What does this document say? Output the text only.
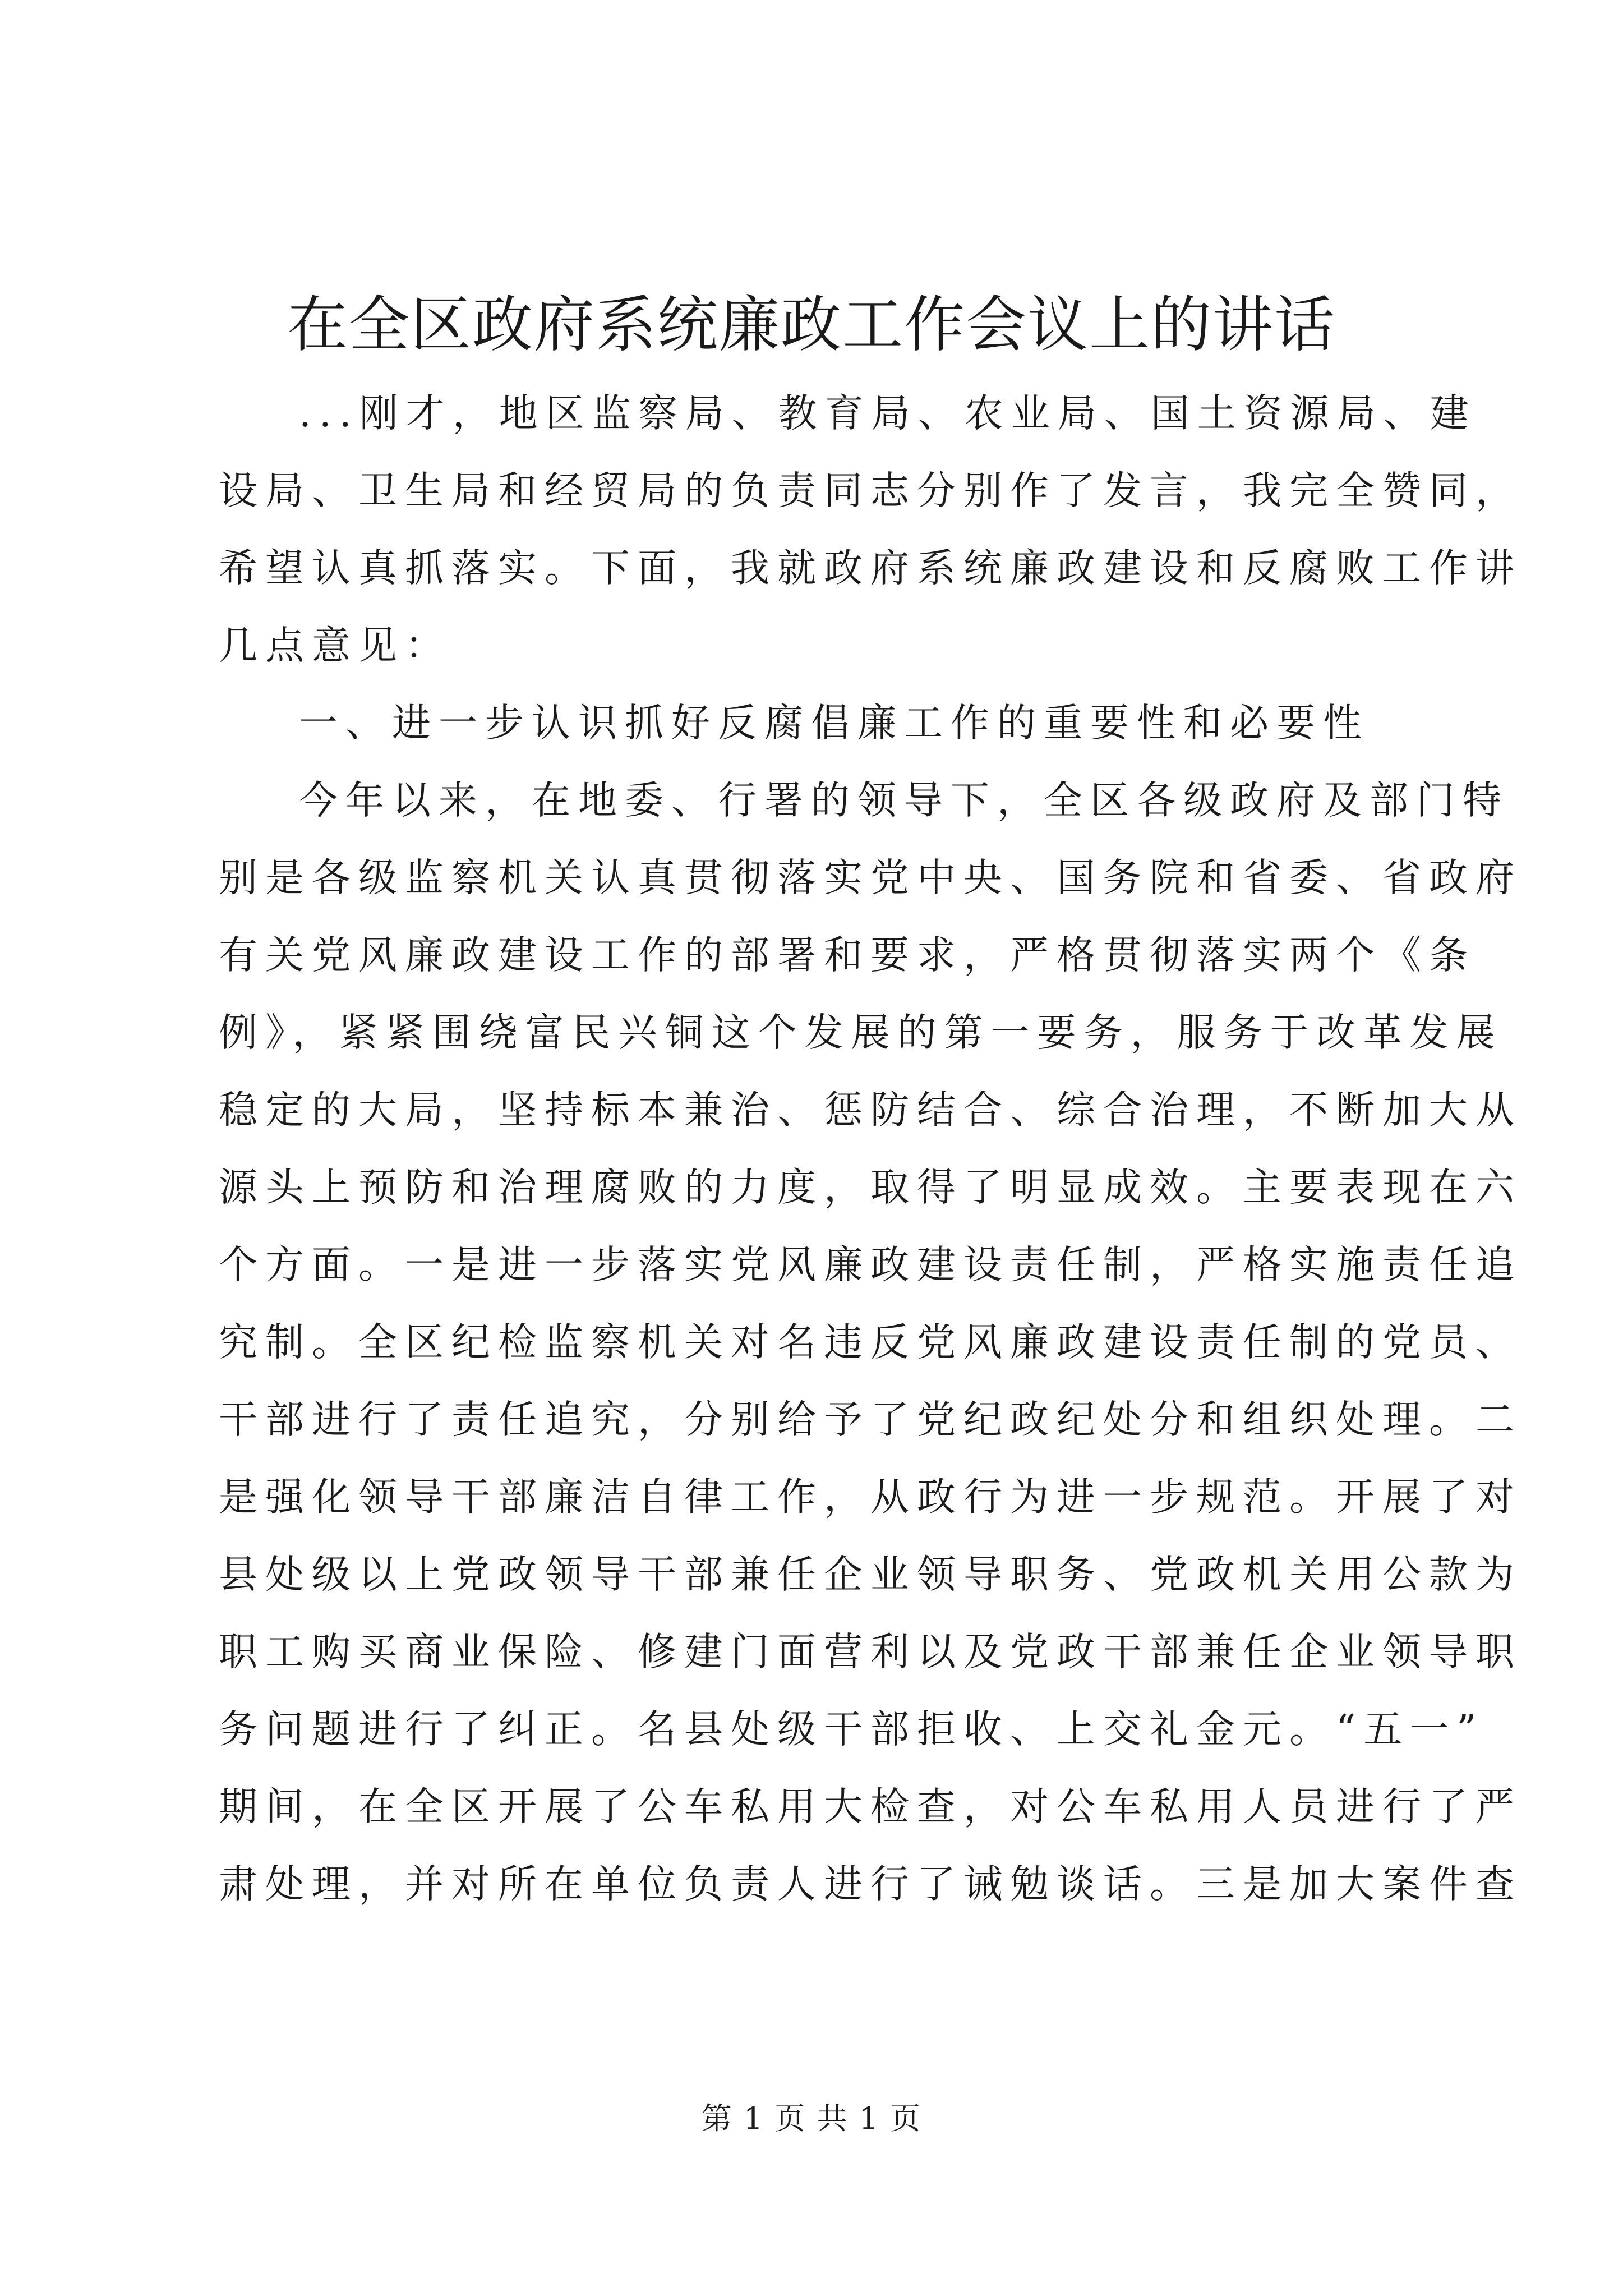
在全区政府系统廉政工作会议上的讲话
...刚才，地区监察局、教育局、农业局、国土资源局、建
设局、卫生局和经贸局的负责同志分别作了发言，我完全赞同，
希望认真抓落实。下面，我就政府系统廉政建设和反腐败工作讲
几点意见：
一、进一步认识抓好反腐倡廉工作的重要性和必要性
今年以来，在地委、行署的领导下，全区各级政府及部门特
别是各级监察机关认真贯彻落实党中央、国务院和省委、省政府
有关党风廉政建设工作的部署和要求，严格贯彻落实两个《条
例》，紧紧围绕富民兴铜这个发展的第一要务，服务于改革发展
稳定的大局，坚持标本兼治、惩防结合、综合治理，不断加大从
源头上预防和治理腐败的力度，取得了明显成效。主要表现在六
个方面。一是进一步落实党风廉政建设责任制，严格实施责任追
究制。全区纪检监察机关对名违反党风廉政建设责任制的党员、
干部进行了责任追究，分别给予了党纪政纪处分和组织处理。二
是强化领导干部廉洁自律工作，从政行为进一步规范。开展了对
县处级以上党政领导干部兼任企业领导职务、党政机关用公款为
职工购买商业保险、修建门面营利以及党政干部兼任企业领导职
务问题进行了纠正。名县处级干部拒收、上交礼金元。“五一”
期间，在全区开展了公车私用大检查，对公车私用人员进行了严
肃处理，并对所在单位负责人进行了诫勉谈话。三是加大案件查
第 1 页 共 1 页
